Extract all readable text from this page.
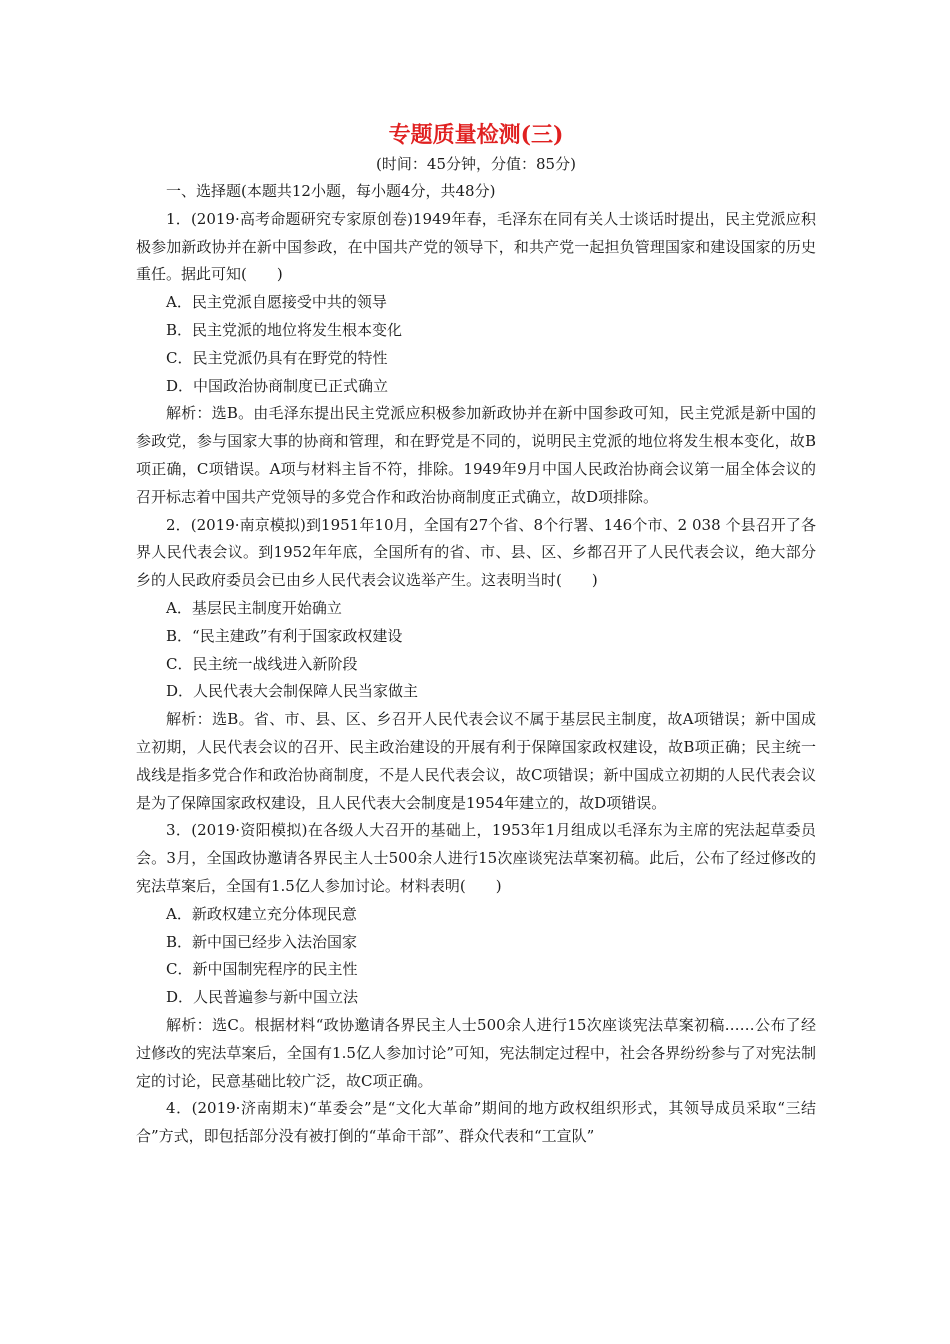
专题质量检测(三)
(时间：45分钟，分值：85分)

一、选择题(本题共12小题，每小题4分，共48分)

1．(2019·高考命题研究专家原创卷)1949年春，毛泽东在同有关人士谈话时提出，民主党派应积极参加新政协并在新中国参政，在中国共产党的领导下，和共产党一起担负管理国家和建设国家的历史重任。据此可知(　　)

A．民主党派自愿接受中共的领导

B．民主党派的地位将发生根本变化

C．民主党派仍具有在野党的特性

D．中国政治协商制度已正式确立

解析：选B。由毛泽东提出民主党派应积极参加新政协并在新中国参政可知，民主党派是新中国的参政党，参与国家大事的协商和管理，和在野党是不同的，说明民主党派的地位将发生根本变化，故B项正确，C项错误。A项与材料主旨不符，排除。1949年9月中国人民政治协商会议第一届全体会议的召开标志着中国共产党领导的多党合作和政治协商制度正式确立，故D项排除。

2．(2019·南京模拟)到1951年10月，全国有27个省、8个行署、146个市、2 038 个县召开了各界人民代表会议。到1952年年底，全国所有的省、市、县、区、乡都召开了人民代表会议，绝大部分乡的人民政府委员会已由乡人民代表会议选举产生。这表明当时(　　)

A．基层民主制度开始确立

B．“民主建政”有利于国家政权建设

C．民主统一战线进入新阶段

D．人民代表大会制保障人民当家做主

解析：选B。省、市、县、区、乡召开人民代表会议不属于基层民主制度，故A项错误；新中国成立初期，人民代表会议的召开、民主政治建设的开展有利于保障国家政权建设，故B项正确；民主统一战线是指多党合作和政治协商制度，不是人民代表会议，故C项错误；新中国成立初期的人民代表会议是为了保障国家政权建设，且人民代表大会制度是1954年建立的，故D项错误。

3．(2019·资阳模拟)在各级人大召开的基础上，1953年1月组成以毛泽东为主席的宪法起草委员会。3月，全国政协邀请各界民主人士500余人进行15次座谈宪法草案初稿。此后，公布了经过修改的宪法草案后，全国有1.5亿人参加讨论。材料表明(　　)

A．新政权建立充分体现民意

B．新中国已经步入法治国家

C．新中国制宪程序的民主性

D．人民普遍参与新中国立法

解析：选C。根据材料“政协邀请各界民主人士500余人进行15次座谈宪法草案初稿……公布了经过修改的宪法草案后，全国有1.5亿人参加讨论”可知，宪法制定过程中，社会各界纷纷参与了对宪法制定的讨论，民意基础比较广泛，故C项正确。

4．(2019·济南期末)“革委会”是“文化大革命”期间的地方政权组织形式，其领导成员采取“三结合”方式，即包括部分没有被打倒的“革命干部”、群众代表和“工宣队”
